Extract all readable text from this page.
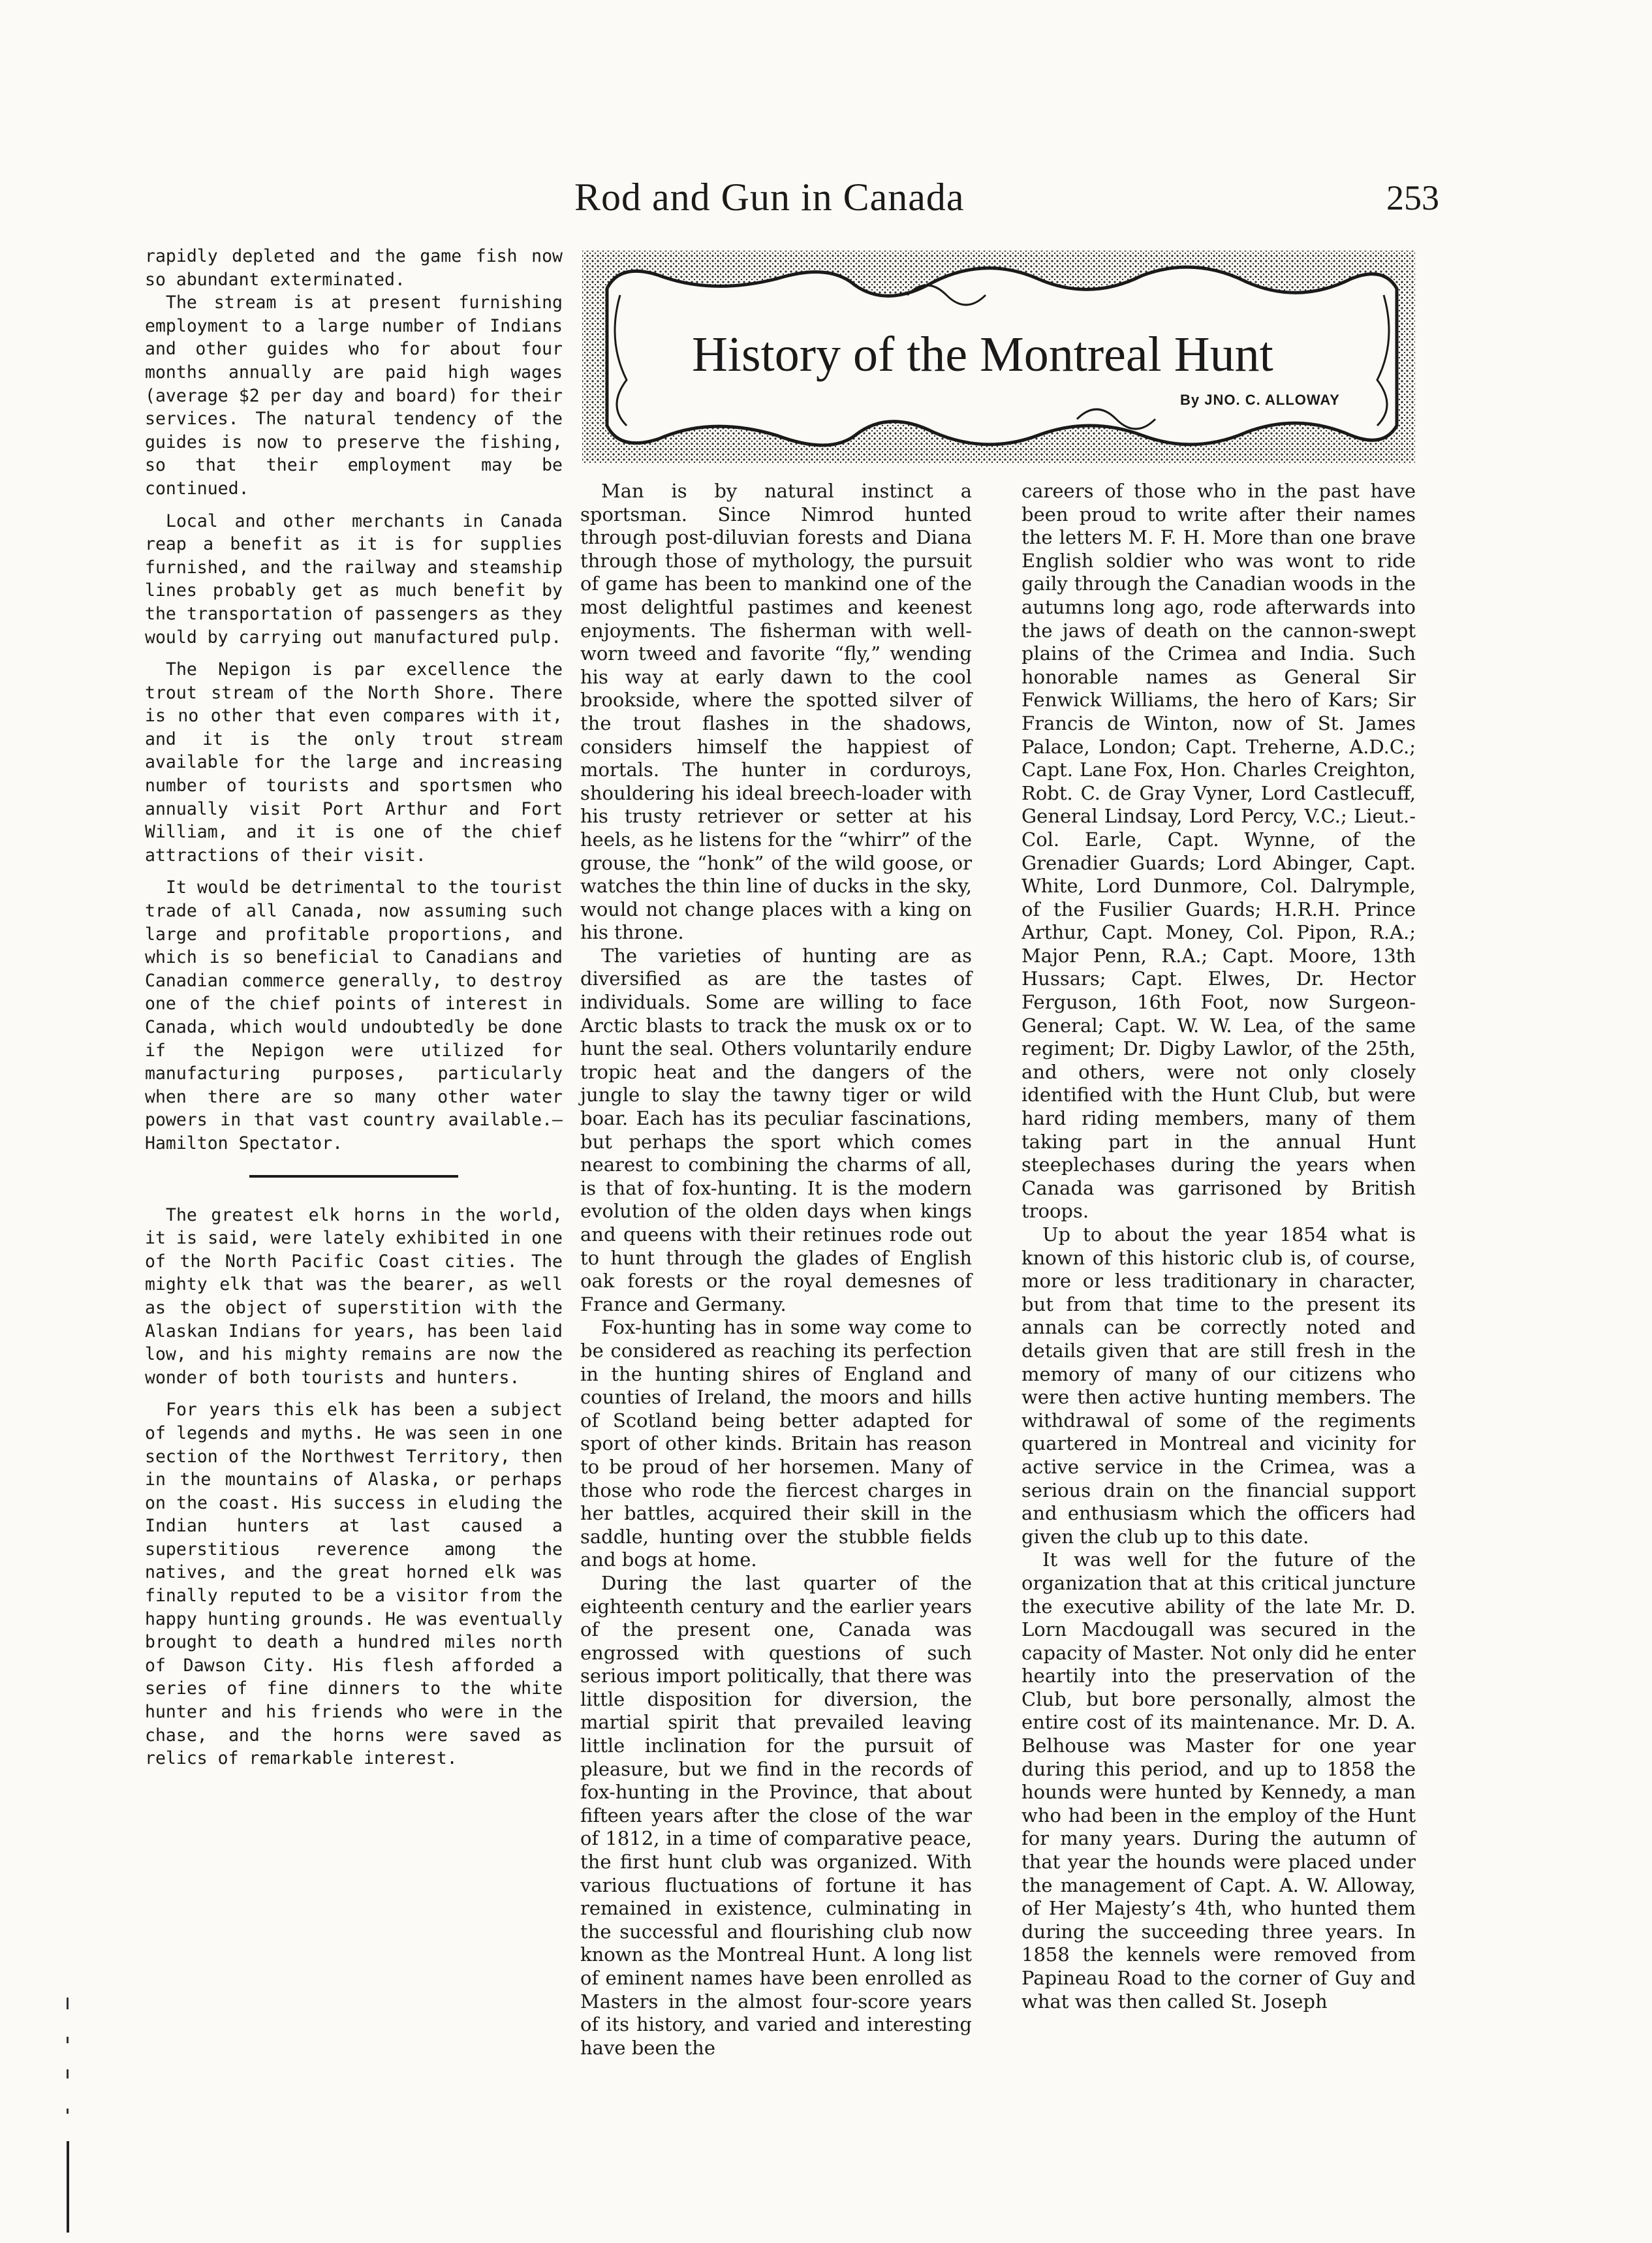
Rod and Gun in Canada	253

rapidly depleted and the game fish now so abundant exterminated.

The stream is at present furnishing employment to a large number of Indians and other guides who for about four months annually are paid high wages (average $2 per day and board) for their services. The natural tendency of the guides is now to preserve the fishing, so that their employment may be continued.

Local and other merchants in Canada reap a benefit as it is for supplies furnished, and the railway and steamship lines probably get as much benefit by the transportation of passengers as they would by carrying out manufactured pulp.

The Nepigon is par excellence the trout stream of the North Shore. There is no other that even compares with it, and it is the only trout stream available for the large and increasing number of tourists and sportsmen who annually visit Port Arthur and Fort William, and it is one of the chief attractions of their visit.

It would be detrimental to the tourist trade of all Canada, now assuming such large and profitable proportions, and which is so beneficial to Canadians and Canadian commerce generally, to destroy one of the chief points of interest in Canada, which would undoubtedly be done if the Nepigon were utilized for manufacturing purposes, particularly when there are so many other water powers in that vast country available.—Hamilton Spectator.

The greatest elk horns in the world, it is said, were lately exhibited in one of the North Pacific Coast cities. The mighty elk that was the bearer, as well as the object of superstition with the Alaskan Indians for years, has been laid low, and his mighty remains are now the wonder of both tourists and hunters.

For years this elk has been a subject of legends and myths. He was seen in one section of the Northwest Territory, then in the mountains of Alaska, or perhaps on the coast. His success in eluding the Indian hunters at last caused a superstitious reverence among the natives, and the great horned elk was finally reputed to be a visitor from the happy hunting grounds. He was eventually brought to death a hundred miles north of Dawson City. His flesh afforded a series of fine dinners to the white hunter and his friends who were in the chase, and the horns were saved as relics of remarkable interest.

History of the Montreal Hunt
By JNO. C. ALLOWAY

Man is by natural instinct a sportsman. Since Nimrod hunted through post-diluvian forests and Diana through those of mythology, the pursuit of game has been to mankind one of the most delightful pastimes and keenest enjoyments. The fisherman with well-worn tweed and favorite “fly,” wending his way at early dawn to the cool brookside, where the spotted silver of the trout flashes in the shadows, considers himself the happiest of mortals. The hunter in corduroys, shouldering his ideal breech-loader with his trusty retriever or setter at his heels, as he listens for the “whirr” of the grouse, the “honk” of the wild goose, or watches the thin line of ducks in the sky, would not change places with a king on his throne.

The varieties of hunting are as diversified as are the tastes of individuals. Some are willing to face Arctic blasts to track the musk ox or to hunt the seal. Others voluntarily endure tropic heat and the dangers of the jungle to slay the tawny tiger or wild boar. Each has its peculiar fascinations, but perhaps the sport which comes nearest to combining the charms of all, is that of fox-hunting. It is the modern evolution of the olden days when kings and queens with their retinues rode out to hunt through the glades of English oak forests or the royal demesnes of France and Germany.

Fox-hunting has in some way come to be considered as reaching its perfection in the hunting shires of England and counties of Ireland, the moors and hills of Scotland being better adapted for sport of other kinds. Britain has reason to be proud of her horsemen. Many of those who rode the fiercest charges in her battles, acquired their skill in the saddle, hunting over the stubble fields and bogs at home.

During the last quarter of the eighteenth century and the earlier years of the present one, Canada was engrossed with questions of such serious import politically, that there was little disposition for diversion, the martial spirit that prevailed leaving little inclination for the pursuit of pleasure, but we find in the records of fox-hunting in the Province, that about fifteen years after the close of the war of 1812, in a time of comparative peace, the first hunt club was organized. With various fluctuations of fortune it has remained in existence, culminating in the successful and flourishing club now known as the Montreal Hunt. A long list of eminent names have been enrolled as Masters in the almost four-score years of its history, and varied and interesting have been the

careers of those who in the past have been proud to write after their names the letters M. F. H. More than one brave English soldier who was wont to ride gaily through the Canadian woods in the autumns long ago, rode afterwards into the jaws of death on the cannon-swept plains of the Crimea and India. Such honorable names as General Sir Fenwick Williams, the hero of Kars; Sir Francis de Winton, now of St. James Palace, London; Capt. Treherne, A.D.C.; Capt. Lane Fox, Hon. Charles Creighton, Robt. C. de Gray Vyner, Lord Castlecuff, General Lindsay, Lord Percy, V.C.; Lieut.-Col. Earle, Capt. Wynne, of the Grenadier Guards; Lord Abinger, Capt. White, Lord Dunmore, Col. Dalrymple, of the Fusilier Guards; H.R.H. Prince Arthur, Capt. Money, Col. Pipon, R.A.; Major Penn, R.A.; Capt. Moore, 13th Hussars; Capt. Elwes, Dr. Hector Ferguson, 16th Foot, now Surgeon-General; Capt. W. W. Lea, of the same regiment; Dr. Digby Lawlor, of the 25th, and others, were not only closely identified with the Hunt Club, but were hard riding members, many of them taking part in the annual Hunt steeplechases during the years when Canada was garrisoned by British troops.

Up to about the year 1854 what is known of this historic club is, of course, more or less traditionary in character, but from that time to the present its annals can be correctly noted and details given that are still fresh in the memory of many of our citizens who were then active hunting members. The withdrawal of some of the regiments quartered in Montreal and vicinity for active service in the Crimea, was a serious drain on the financial support and enthusiasm which the officers had given the club up to this date.

It was well for the future of the organization that at this critical juncture the executive ability of the late Mr. D. Lorn Macdougall was secured in the capacity of Master. Not only did he enter heartily into the preservation of the Club, but bore personally, almost the entire cost of its maintenance. Mr. D. A. Belhouse was Master for one year during this period, and up to 1858 the hounds were hunted by Kennedy, a man who had been in the employ of the Hunt for many years. During the autumn of that year the hounds were placed under the management of Capt. A. W. Alloway, of Her Majesty’s 4th, who hunted them during the succeeding three years. In 1858 the kennels were removed from Papineau Road to the corner of Guy and what was then called St. Joseph
